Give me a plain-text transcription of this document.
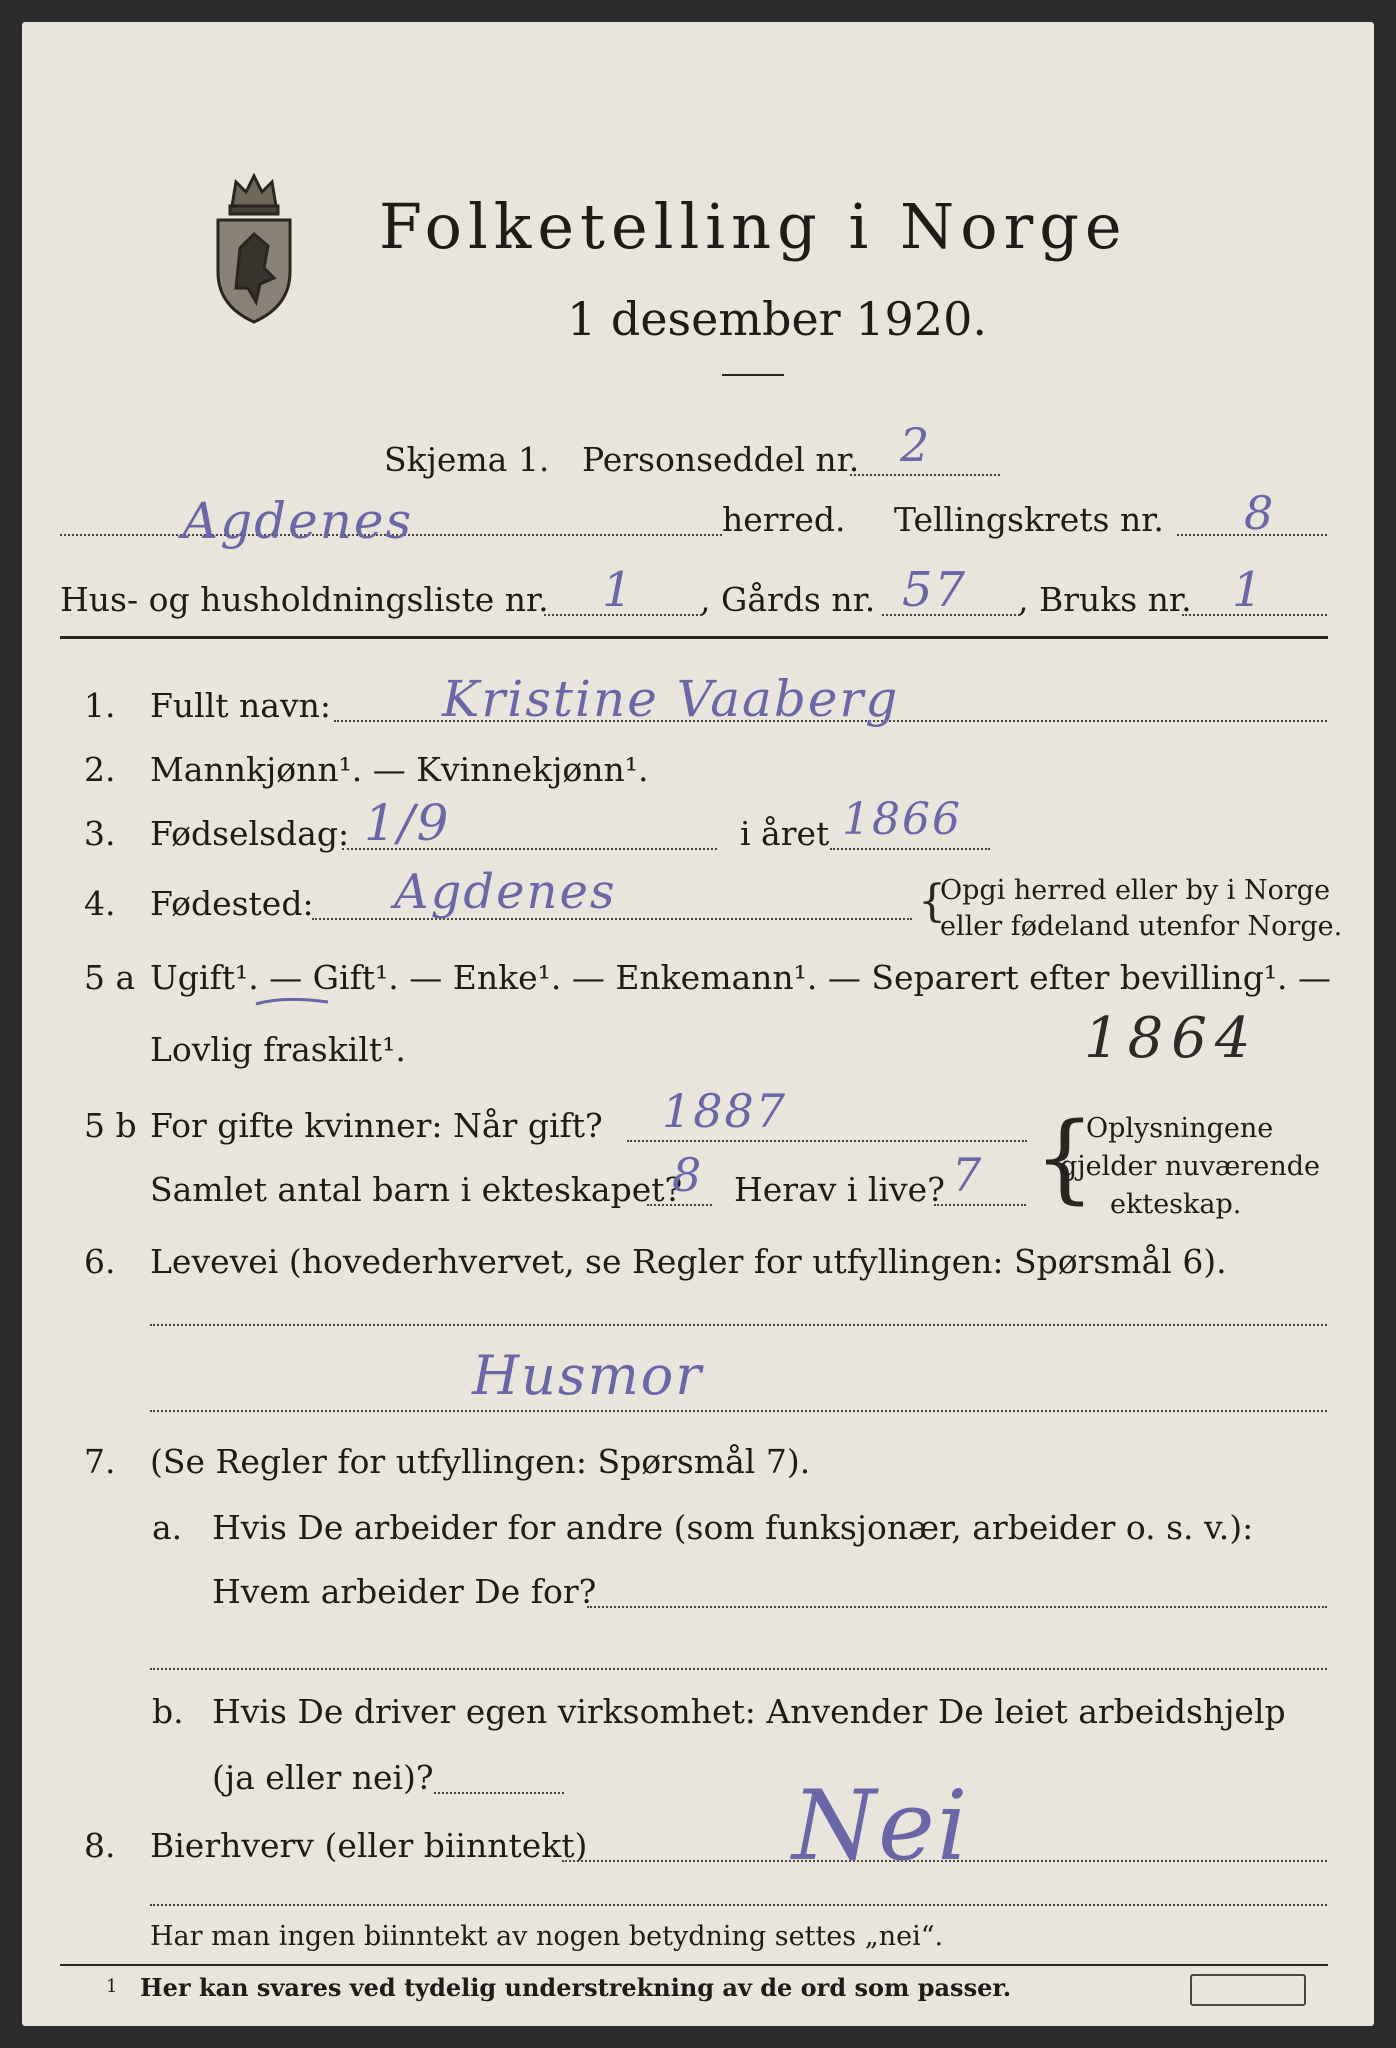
Folketelling i Norge
1 desember 1920.
Skjema 1. Personseddel nr. 2
Agdenes	herred. Tellingskrets nr. 8
Hus- og husholdningsliste nr. 1 , Gårds nr. 57 , Bruks nr. 1
1. Fullt navn: Kristine Vaaberg
2. Mannkjønn¹. — Kvinnekjønn¹.
3. Fødselsdag: 1/9	i året 1866
4. Fødested: Agdenes	{
Opgi herred eller by i Norge
eller fødeland utenfor Norge.
5 a Ugift¹. — Gift¹. — Enke¹. — Enkemann¹. — Separert efter bevilling¹. —
Lovlig fraskilt¹.	1864
5 b For gifte kvinner: Når gift? 1887
Samlet antal barn i ekteskapet?
8 Herav i live? 7 {
Oplysningene
gjelder nuværende
ekteskap.
6. Levevei (hovederhvervet, se Regler for utfyllingen: Spørsmål 6).
Husmor
7. (Se Regler for utfyllingen: Spørsmål 7).
a. Hvis De arbeider for andre (som funksjonær, arbeider o. s. v.):
Hvem arbeider De for?
b. Hvis De driver egen virksomhet: Anvender De leiet arbeidshjelp
(ja eller nei)?
8. Bierhverv (eller biinntekt) Nei
Har man ingen biinntekt av nogen betydning settes „nei“.
1 Her kan svares ved tydelig understrekning av de ord som passer.
